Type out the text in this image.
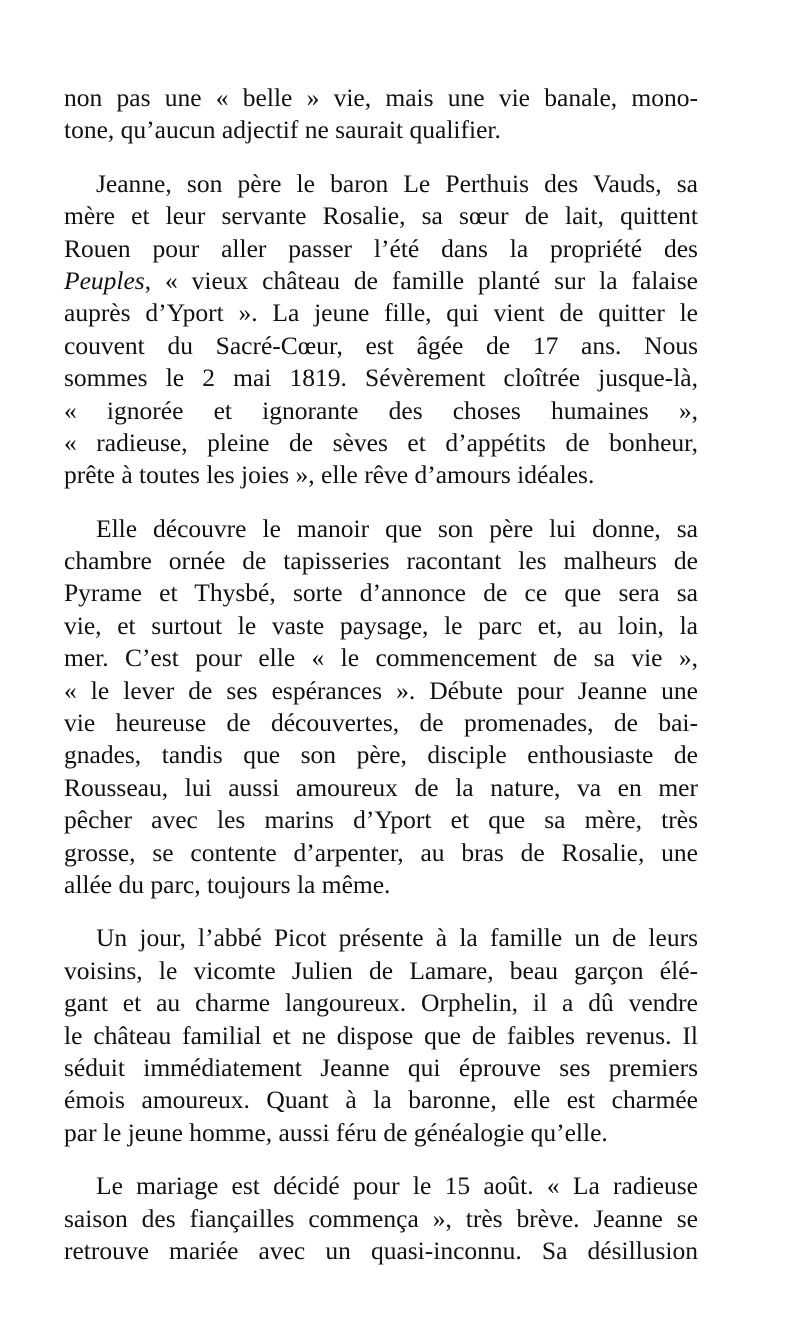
non pas une « belle » vie, mais une vie banale, mono-
tone, qu’aucun adjectif ne saurait qualifier.
Jeanne, son père le baron Le Perthuis des Vauds, sa
mère et leur servante Rosalie, sa sœur de lait, quittent
Rouen pour aller passer l’été dans la propriété des
Peuples, « vieux château de famille planté sur la falaise
auprès d’Yport ». La jeune fille, qui vient de quitter le
couvent du Sacré-Cœur, est âgée de 17 ans. Nous
sommes le 2 mai 1819. Sévèrement cloîtrée jusque-là,
« ignorée et ignorante des choses humaines »,
« radieuse, pleine de sèves et d’appétits de bonheur,
prête à toutes les joies », elle rêve d’amours idéales.
Elle découvre le manoir que son père lui donne, sa
chambre ornée de tapisseries racontant les malheurs de
Pyrame et Thysbé, sorte d’annonce de ce que sera sa
vie, et surtout le vaste paysage, le parc et, au loin, la
mer. C’est pour elle « le commencement de sa vie »,
« le lever de ses espérances ». Débute pour Jeanne une
vie heureuse de découvertes, de promenades, de bai-
gnades, tandis que son père, disciple enthousiaste de
Rousseau, lui aussi amoureux de la nature, va en mer
pêcher avec les marins d’Yport et que sa mère, très
grosse, se contente d’arpenter, au bras de Rosalie, une
allée du parc, toujours la même.
Un jour, l’abbé Picot présente à la famille un de leurs
voisins, le vicomte Julien de Lamare, beau garçon élé-
gant et au charme langoureux. Orphelin, il a dû vendre
le château familial et ne dispose que de faibles revenus. Il
séduit immédiatement Jeanne qui éprouve ses premiers
émois amoureux. Quant à la baronne, elle est charmée
par le jeune homme, aussi féru de généalogie qu’elle.
Le mariage est décidé pour le 15 août. « La radieuse
saison des fiançailles commença », très brève. Jeanne se
retrouve mariée avec un quasi-inconnu. Sa désillusion
